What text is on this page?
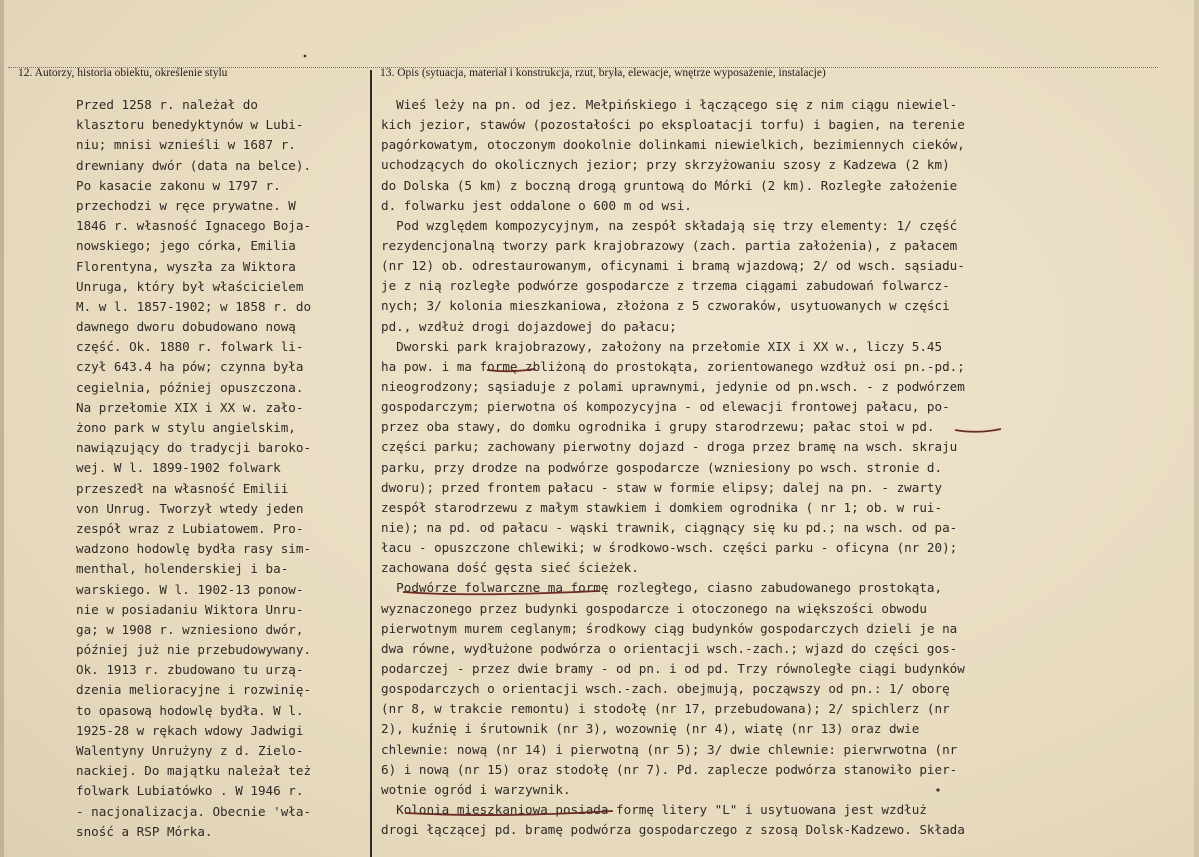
12. Autorzy, historia obiektu, określenie stylu	13. Opis (sytuacja, materiał i konstrukcja, rzut, bryła, elewacje, wnętrze wyposażenie, instalacje)
Przed 1258 r. należał do
klasztoru benedyktynów w Lubi-
niu; mnisi wznieśli w 1687 r.
drewniany dwór (data na belce).
Po kasacie zakonu w 1797 r.
przechodzi w ręce prywatne. W
1846 r. własność Ignacego Boja-
nowskiego; jego córka, Emilia
Florentyna, wyszła za Wiktora
Unruga, który był właścicielem
M. w l. 1857-1902; w 1858 r. do
dawnego dworu dobudowano nową
część. Ok. 1880 r. folwark li-
czył 643.4 ha pów; czynna była
cegielnia, później opuszczona.
Na przełomie XIX i XX w. zało-
żono park w stylu angielskim,
nawiązujący do tradycji baroko-
wej. W l. 1899-1902 folwark
przeszedł na własność Emilii
von Unrug. Tworzył wtedy jeden
zespół wraz z Lubiatowem. Pro-
wadzono hodowlę bydła rasy sim-
menthal, holenderskiej i ba-
warskiego. W l. 1902-13 ponow-
nie w posiadaniu Wiktora Unru-
ga; w 1908 r. wzniesiono dwór,
później już nie przebudowywany.
Ok. 1913 r. zbudowano tu urzą-
dzenia melioracyjne i rozwinię-
to opasową hodowlę bydła. W l.
1925-28 w rękach wdowy Jadwigi
Walentyny Unrużyny z d. Zielo-
nackiej. Do majątku należał też
folwark Lubiatówko . W 1946 r.
- nacjonalizacja. Obecnie 'wła-
sność a RSP Mórka.
Wieś leży na pn. od jez. Mełpińskiego i łączącego się z nim ciągu niewiel-
kich jezior, stawów (pozostałości po eksploatacji torfu) i bagien, na terenie
pagórkowatym, otoczonym dookolnie dolinkami niewielkich, bezimiennych cieków,
uchodzących do okolicznych jezior; przy skrzyżowaniu szosy z Kadzewa (2 km)
do Dolska (5 km) z boczną drogą gruntową do Mórki (2 km). Rozległe założenie
d. folwarku jest oddalone o 600 m od wsi.
Pod względem kompozycyjnym, na zespół składają się trzy elementy: 1/ część
rezydencjonalną tworzy park krajobrazowy (zach. partia założenia), z pałacem
(nr 12) ob. odrestaurowanym, oficynami i bramą wjazdową; 2/ od wsch. sąsiadu-
je z nią rozległe podwórze gospodarcze z trzema ciągami zabudowań folwarcz-
nych; 3/ kolonia mieszkaniowa, złożona z 5 czworaków, usytuowanych w części
pd., wzdłuż drogi dojazdowej do pałacu;
Dworski park krajobrazowy, założony na przełomie XIX i XX w., liczy 5.45
ha pow. i ma formę zbliżoną do prostokąta, zorientowanego wzdłuż osi pn.-pd.;
nieogrodzony; sąsiaduje z polami uprawnymi, jedynie od pn.wsch. - z podwórzem
gospodarczym; pierwotna oś kompozycyjna - od elewacji frontowej pałacu, po-
przez oba stawy, do domku ogrodnika i grupy starodrzewu; pałac stoi w pd.
części parku; zachowany pierwotny dojazd - droga przez bramę na wsch. skraju
parku, przy drodze na podwórze gospodarcze (wzniesiony po wsch. stronie d.
dworu); przed frontem pałacu - staw w formie elipsy; dalej na pn. - zwarty
zespół starodrzewu z małym stawkiem i domkiem ogrodnika ( nr 1; ob. w rui-
nie); na pd. od pałacu - wąski trawnik, ciągnący się ku pd.; na wsch. od pa-
łacu - opuszczone chlewiki; w środkowo-wsch. części parku - oficyna (nr 20);
zachowana dość gęsta sieć ścieżek.
Podwórze folwarczne ma formę rozległego, ciasno zabudowanego prostokąta,
wyznaczonego przez budynki gospodarcze i otoczonego na większości obwodu
pierwotnym murem ceglanym; środkowy ciąg budynków gospodarczych dzieli je na
dwa równe, wydłużone podwórza o orientacji wsch.-zach.; wjazd do części gos-
podarczej - przez dwie bramy - od pn. i od pd. Trzy równoległe ciągi budynków
gospodarczych o orientacji wsch.-zach. obejmują, począwszy od pn.: 1/ oborę
(nr 8, w trakcie remontu) i stodołę (nr 17, przebudowana); 2/ spichlerz (nr
2), kuźnię i śrutownik (nr 3), wozownię (nr 4), wiatę (nr 13) oraz dwie
chlewnie: nową (nr 14) i pierwotną (nr 5); 3/ dwie chlewnie: pierwrwotna (nr
6) i nową (nr 15) oraz stodołę (nr 7). Pd. zaplecze podwórza stanowiło pier-
wotnie ogród i warzywnik.
Kolonia mieszkaniowa posiada formę litery "L" i usytuowana jest wzdłuż
drogi łączącej pd. bramę podwórza gospodarczego z szosą Dolsk-Kadzewo. Składa
